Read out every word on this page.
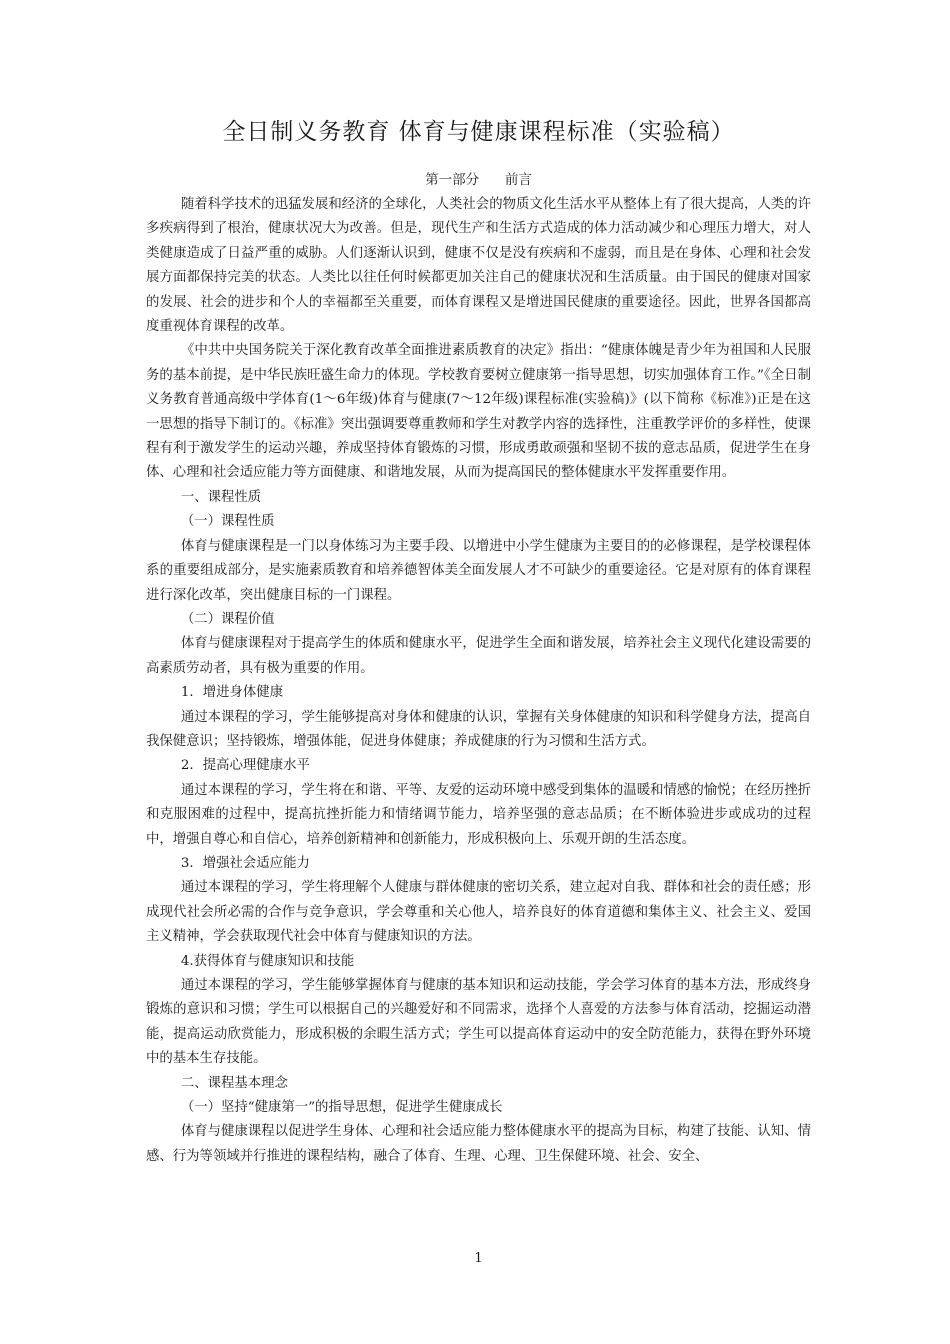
全日制义务教育 体育与健康课程标准（实验稿）
第一部分      前言

随着科学技术的迅猛发展和经济的全球化，人类社会的物质文化生活水平从整体上有了很大提高，人类的许多疾病得到了根治，健康状况大为改善。但是，现代生产和生活方式造成的体力活动减少和心理压力增大，对人类健康造成了日益严重的威胁。人们逐渐认识到，健康不仅是没有疾病和不虚弱，而且是在身体、心理和社会发展方面都保持完美的状态。人类比以往任何时候都更加关注自己的健康状况和生活质量。由于国民的健康对国家的发展、社会的进步和个人的幸福都至关重要，而体育课程又是增进国民健康的重要途径。因此，世界各国都高度重视体育课程的改革。

《中共中央国务院关于深化教育改革全面推进素质教育的决定》指出：“健康体魄是青少年为祖国和人民服务的基本前提，是中华民族旺盛生命力的体现。学校教育要树立健康第一指导思想，切实加强体育工作。”《全日制义务教育普通高级中学体育(1～6年级)体育与健康(7～12年级)课程标准(实验稿)》(以下简称《标准》)正是在这一思想的指导下制订的。《标准》突出强调要尊重教师和学生对教学内容的选择性，注重教学评价的多样性，使课程有利于激发学生的运动兴趣，养成坚持体育锻炼的习惯，形成勇敢顽强和坚韧不拔的意志品质，促进学生在身体、心理和社会适应能力等方面健康、和谐地发展，从而为提高国民的整体健康水平发挥重要作用。

一、课程性质

（一）课程性质

体育与健康课程是一门以身体练习为主要手段、以增进中小学生健康为主要目的的必修课程，是学校课程体系的重要组成部分，是实施素质教育和培养德智体美全面发展人才不可缺少的重要途径。它是对原有的体育课程进行深化改革，突出健康目标的一门课程。

（二）课程价值

体育与健康课程对于提高学生的体质和健康水平，促进学生全面和谐发展，培养社会主义现代化建设需要的高素质劳动者，具有极为重要的作用。

1．增进身体健康

通过本课程的学习，学生能够提高对身体和健康的认识，掌握有关身体健康的知识和科学健身方法，提高自我保健意识；坚持锻炼，增强体能，促进身体健康；养成健康的行为习惯和生活方式。

2．提高心理健康水平

通过本课程的学习，学生将在和谐、平等、友爱的运动环境中感受到集体的温暖和情感的愉悦；在经历挫折和克服困难的过程中，提高抗挫折能力和情绪调节能力，培养坚强的意志品质；在不断体验进步或成功的过程中，增强自尊心和自信心，培养创新精神和创新能力，形成积极向上、乐观开朗的生活态度。

3．增强社会适应能力

通过本课程的学习，学生将理解个人健康与群体健康的密切关系，建立起对自我、群体和社会的责任感；形成现代社会所必需的合作与竞争意识，学会尊重和关心他人，培养良好的体育道德和集体主义、社会主义、爱国主义精神，学会获取现代社会中体育与健康知识的方法。

4.获得体育与健康知识和技能

通过本课程的学习，学生能够掌握体育与健康的基本知识和运动技能，学会学习体育的基本方法，形成终身锻炼的意识和习惯；学生可以根据自己的兴趣爱好和不同需求，选择个人喜爱的方法参与体育活动，挖掘运动潜能，提高运动欣赏能力，形成积极的余暇生活方式；学生可以提高体育运动中的安全防范能力，获得在野外环境中的基本生存技能。

二、课程基本理念

（一）坚持“健康第一”的指导思想，促进学生健康成长

体育与健康课程以促进学生身体、心理和社会适应能力整体健康水平的提高为目标，构建了技能、认知、情感、行为等领域并行推进的课程结构，融合了体育、生理、心理、卫生保健环境、社会、安全、

1
